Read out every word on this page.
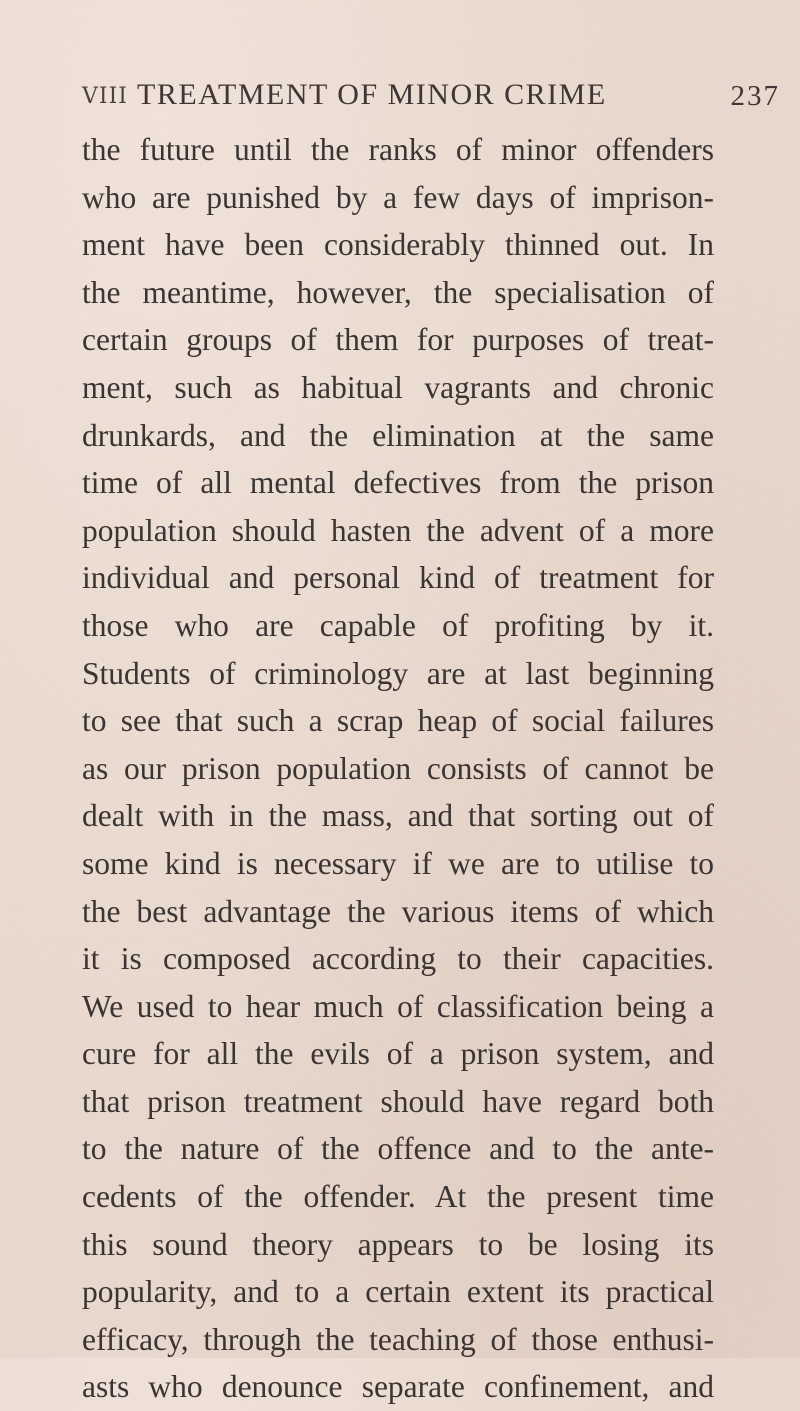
VIII TREATMENT OF MINOR CRIME	237
the future until the ranks of minor offenders
who are punished by a few days of imprison-
ment have been considerably thinned out. In
the meantime, however, the specialisation of
certain groups of them for purposes of treat-
ment, such as habitual vagrants and chronic
drunkards, and the elimination at the same
time of all mental defectives from the prison
population should hasten the advent of a more
individual and personal kind of treatment for
those who are capable of profiting by it.
Students of criminology are at last beginning
to see that such a scrap heap of social failures
as our prison population consists of cannot be
dealt with in the mass, and that sorting out of
some kind is necessary if we are to utilise to
the best advantage the various items of which
it is composed according to their capacities.
We used to hear much of classification being a
cure for all the evils of a prison system, and
that prison treatment should have regard both
to the nature of the offence and to the ante-
cedents of the offender. At the present time
this sound theory appears to be losing its
popularity, and to a certain extent its practical
efficacy, through the teaching of those enthusi-
asts who denounce separate confinement, and
